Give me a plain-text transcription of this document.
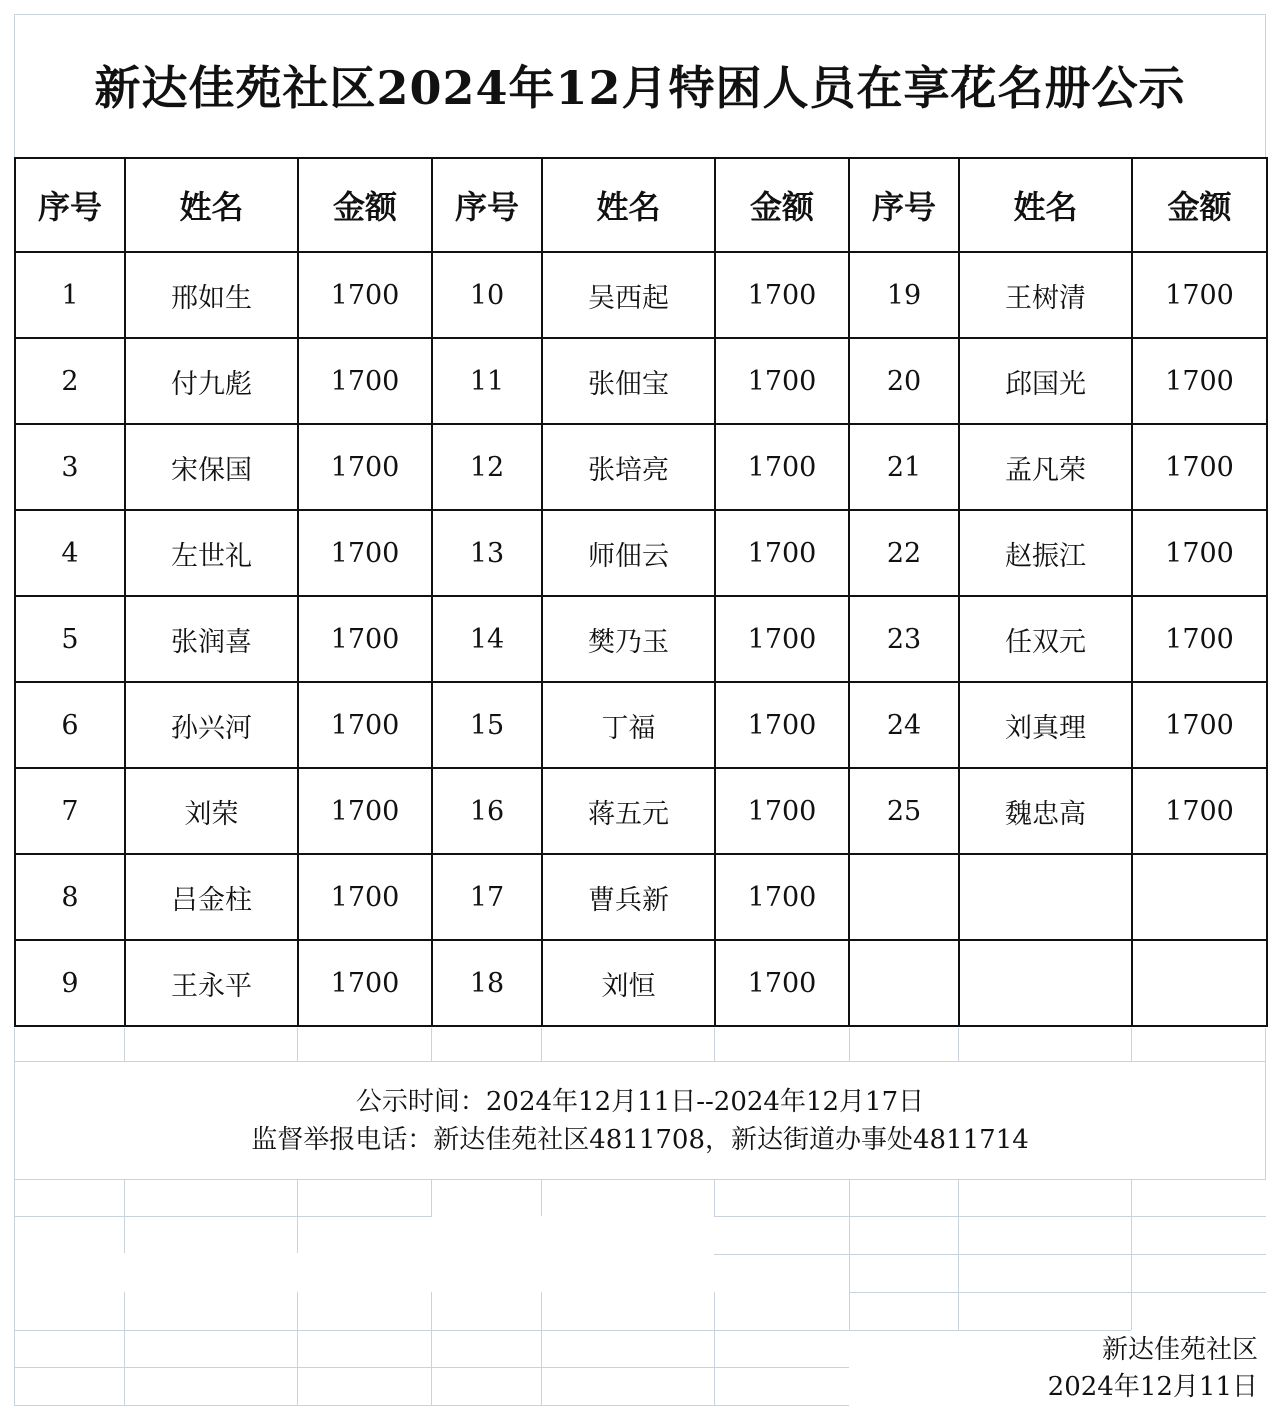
新达佳苑社区2024年12月特困人员在享花名册公示
序号	姓名	金额	序号	姓名	金额	序号	姓名	金额
1	邢如生	1700	10	吴西起	1700	19	王树清	1700
2	付九彪	1700	11	张佃宝	1700	20	邱国光	1700
3	宋保国	1700	12	张培亮	1700	21	孟凡荣	1700
4	左世礼	1700	13	师佃云	1700	22	赵振江	1700
5	张润喜	1700	14	樊乃玉	1700	23	任双元	1700
6	孙兴河	1700	15	丁福	1700	24	刘真理	1700
7	刘荣	1700	16	蒋五元	1700	25	魏忠高	1700
8	吕金柱	1700	17	曹兵新	1700			
9	王永平	1700	18	刘恒	1700			
公示时间：2024年12月11日--2024年12月17日
监督举报电话：新达佳苑社区4811708，新达街道办事处4811714
新达佳苑社区
2024年12月11日
